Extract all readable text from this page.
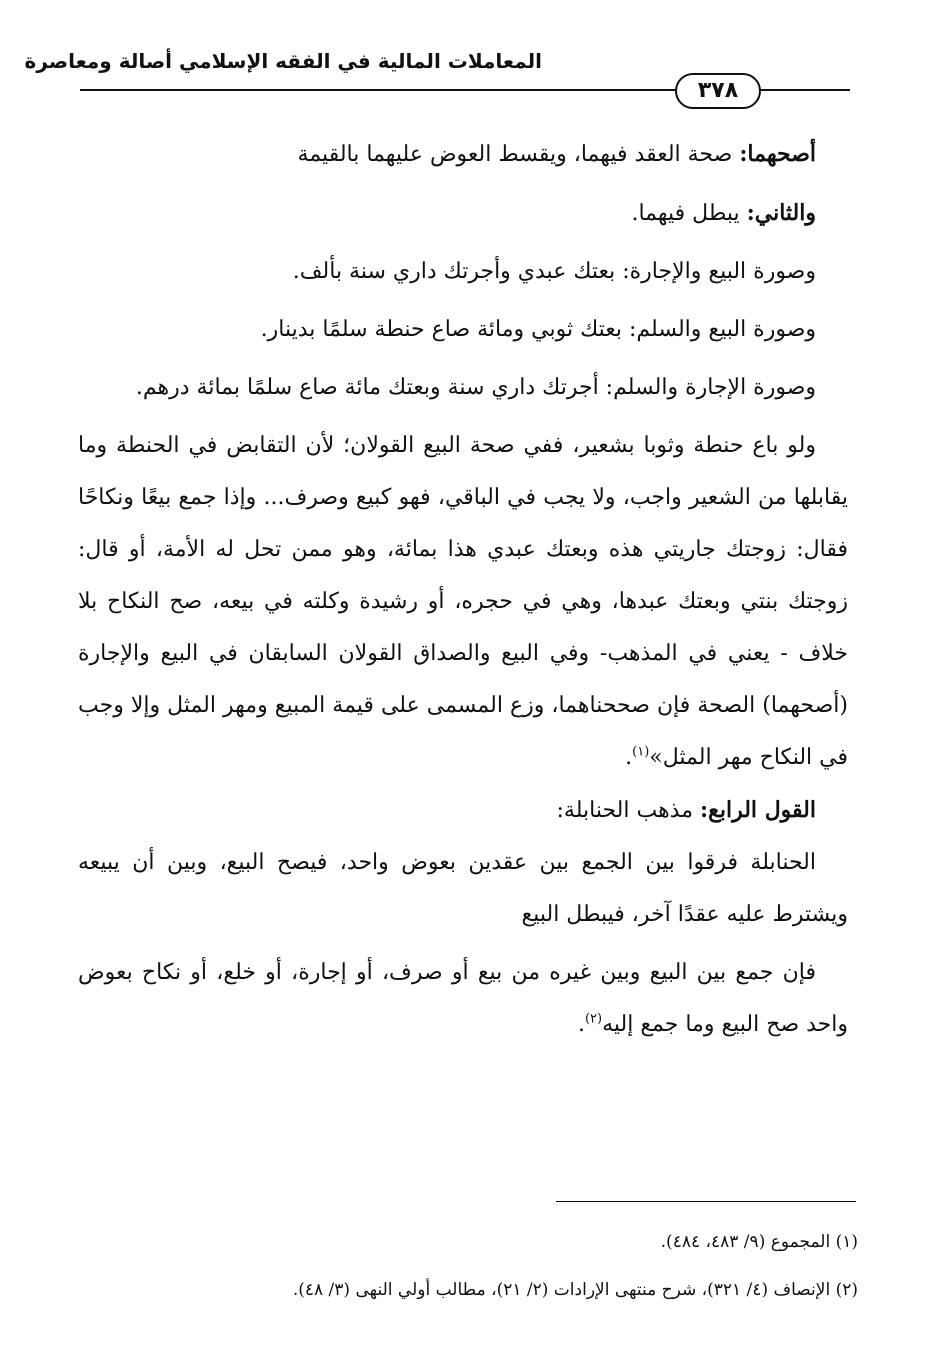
المعاملات المالية في الفقه الإسلامي أصالة ومعاصرة
٣٧٨

أصحهما: صحة العقد فيهما، ويقسط العوض عليهما بالقيمة

والثاني: يبطل فيهما.

وصورة البيع والإجارة: بعتك عبدي وأجرتك داري سنة بألف.

وصورة البيع والسلم: بعتك ثوبي ومائة صاع حنطة سلمًا بدينار.

وصورة الإجارة والسلم: أجرتك داري سنة وبعتك مائة صاع سلمًا بمائة درهم.

ولو باع حنطة وثوبا بشعير، ففي صحة البيع القولان؛ لأن التقابض في الحنطة وما يقابلها من الشعير واجب، ولا يجب في الباقي، فهو كبيع وصرف... وإذا جمع بيعًا ونكاحًا فقال: زوجتك جاريتي هذه وبعتك عبدي هذا بمائة، وهو ممن تحل له الأمة، أو قال: زوجتك بنتي وبعتك عبدها، وهي في حجره، أو رشيدة وكلته في بيعه، صح النكاح بلا خلاف - يعني في المذهب- وفي البيع والصداق القولان السابقان في البيع والإجارة (أصحهما) الصحة فإن صححناهما، وزع المسمى على قيمة المبيع ومهر المثل وإلا وجب في النكاح مهر المثل»$^{(١)}$.

القول الرابع: مذهب الحنابلة:

الحنابلة فرقوا بين الجمع بين عقدين بعوض واحد، فيصح البيع، وبين أن يبيعه ويشترط عليه عقدًا آخر، فيبطل البيع

فإن جمع بين البيع وبين غيره من بيع أو صرف، أو إجارة، أو خلع، أو نكاح بعوض واحد صح البيع وما جمع إليه$^{(٢)}$.

(١) المجموع (٩/ ٤٨٣، ٤٨٤).

(٢) الإنصاف (٤/ ٣٢١)، شرح منتهى الإرادات (٢/ ٢١)، مطالب أولي النهى (٣/ ٤٨).
